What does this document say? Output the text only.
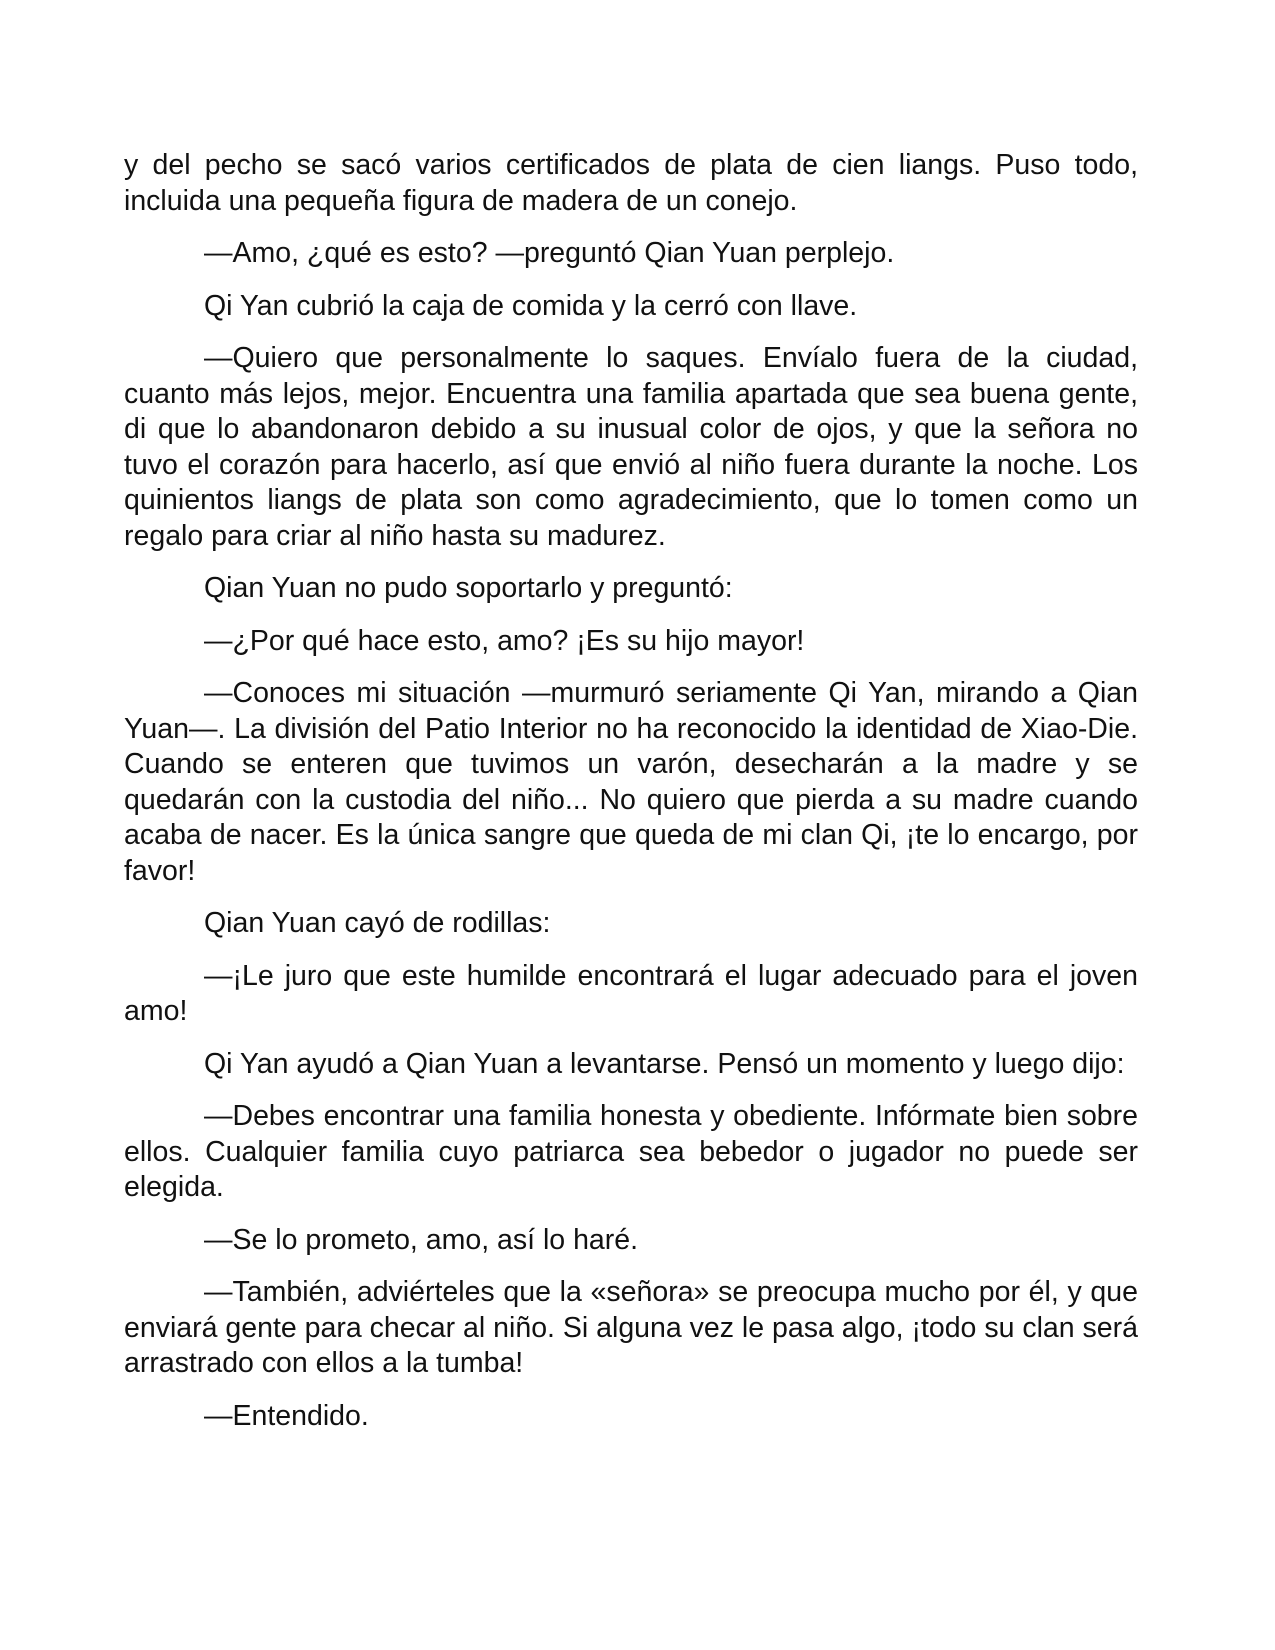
y del pecho se sacó varios certificados de plata de cien liangs. Puso todo, incluida una pequeña figura de madera de un conejo.

—Amo, ¿qué es esto? —preguntó Qian Yuan perplejo.

Qi Yan cubrió la caja de comida y la cerró con llave.

—Quiero que personalmente lo saques. Envíalo fuera de la ciudad, cuanto más lejos, mejor. Encuentra una familia apartada que sea buena gente, di que lo abandonaron debido a su inusual color de ojos, y que la señora no tuvo el corazón para hacerlo, así que envió al niño fuera durante la noche. Los quinientos liangs de plata son como agradecimiento, que lo tomen como un regalo para criar al niño hasta su madurez.

Qian Yuan no pudo soportarlo y preguntó:

—¿Por qué hace esto, amo? ¡Es su hijo mayor!

—Conoces mi situación —murmuró seriamente Qi Yan, mirando a Qian Yuan—. La división del Patio Interior no ha reconocido la identidad de Xiao-Die. Cuando se enteren que tuvimos un varón, desecharán a la madre y se quedarán con la custodia del niño... No quiero que pierda a su madre cuando acaba de nacer. Es la única sangre que queda de mi clan Qi, ¡te lo encargo, por favor!

Qian Yuan cayó de rodillas:

—¡Le juro que este humilde encontrará el lugar adecuado para el joven amo!

Qi Yan ayudó a Qian Yuan a levantarse. Pensó un momento y luego dijo:

—Debes encontrar una familia honesta y obediente. Infórmate bien sobre ellos. Cualquier familia cuyo patriarca sea bebedor o jugador no puede ser elegida.

—Se lo prometo, amo, así lo haré.

—También, adviérteles que la «señora» se preocupa mucho por él, y que enviará gente para checar al niño. Si alguna vez le pasa algo, ¡todo su clan será arrastrado con ellos a la tumba!

—Entendido.
